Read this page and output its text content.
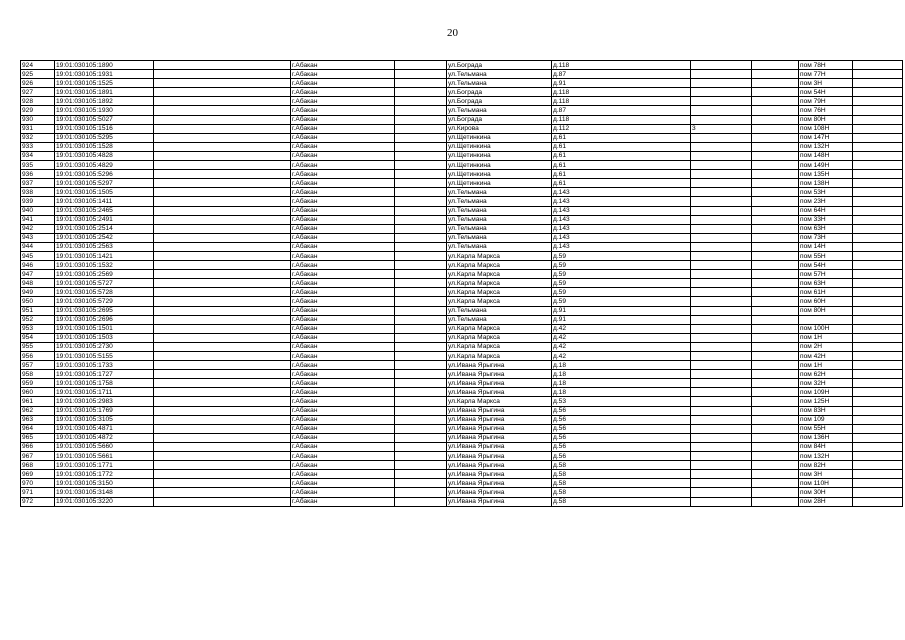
20
924	19:01:030105:1890		г.Абакан		ул.Бограда	д.118			пом 78Н	
925	19:01:030105:1931		г.Абакан		ул.Тельмана	д.87			пом 77Н	
926	19:01:030105:1525		г.Абакан		ул.Тельмана	д.91			пом 3Н	
927	19:01:030105:1891		г.Абакан		ул.Бограда	д.118			пом 54Н	
928	19:01:030105:1892		г.Абакан		ул.Бограда	д.118			пом 79Н	
929	19:01:030105:1930		г.Абакан		ул.Тельмана	д.87			пом 76Н	
930	19:01:030105:5027		г.Абакан		ул.Бограда	д.118			пом 80Н	
931	19:01:030105:1516		г.Абакан		ул.Кирова	д.112	3		пом 108Н	
932	19:01:030105:5295		г.Абакан		ул.Щетинкина	д.61			пом 147Н	
933	19:01:030105:1528		г.Абакан		ул.Щетинкина	д.61			пом 132Н	
934	19:01:030105:4828		г.Абакан		ул.Щетинкина	д.61			пом 148Н	
935	19:01:030105:4829		г.Абакан		ул.Щетинкина	д.61			пом 149Н	
936	19:01:030105:5296		г.Абакан		ул.Щетинкина	д.61			пом 135Н	
937	19:01:030105:5297		г.Абакан		ул.Щетинкина	д.61			пом 138Н	
938	19:01:030105:1505		г.Абакан		ул.Тельмана	д.143			пом 53Н	
939	19:01:030105:1411		г.Абакан		ул.Тельмана	д.143			пом 23Н	
940	19:01:030105:2465		г.Абакан		ул.Тельмана	д.143			пом 64Н	
941	19:01:030105:2491		г.Абакан		ул.Тельмана	д.143			пом 33Н	
942	19:01:030105:2514		г.Абакан		ул.Тельмана	д.143			пом 63Н	
943	19:01:030105:2542		г.Абакан		ул.Тельмана	д.143			пом 73Н	
944	19:01:030105:2563		г.Абакан		ул.Тельмана	д.143			пом 14Н	
945	19:01:030105:1421		г.Абакан		ул.Карла Маркса	д.59			пом 55Н	
946	19:01:030105:1532		г.Абакан		ул.Карла Маркса	д.59			пом 54Н	
947	19:01:030105:2569		г.Абакан		ул.Карла Маркса	д.59			пом 57Н	
948	19:01:030105:5727		г.Абакан		ул.Карла Маркса	д.59			пом 63Н	
949	19:01:030105:5728		г.Абакан		ул.Карла Маркса	д.59			пом 61Н	
950	19:01:030105:5729		г.Абакан		ул.Карла Маркса	д.59			пом 60Н	
951	19:01:030105:2695		г.Абакан		ул.Тельмана	д.91			пом 80Н	
952	19:01:030105:2696		г.Абакан		ул.Тельмана	д.91				
953	19:01:030105:1501		г.Абакан		ул.Карла Маркса	д.42			пом 100Н	
954	19:01:030105:1503		г.Абакан		ул.Карла Маркса	д.42			пом 1Н	
955	19:01:030105:2730		г.Абакан		ул.Карла Маркса	д.42			пом 2Н	
956	19:01:030105:5155		г.Абакан		ул.Карла Маркса	д.42			пом 42Н	
957	19:01:030105:1733		г.Абакан		ул.Ивана Ярыгина	д.18			пом 1Н	
958	19:01:030105:1727		г.Абакан		ул.Ивана Ярыгина	д.18			пом 62Н	
959	19:01:030105:1758		г.Абакан		ул.Ивана Ярыгина	д.18			пом 32Н	
960	19:01:030105:1711		г.Абакан		ул.Ивана Ярыгина	д.18			пом 109Н	
961	19:01:030105:2983		г.Абакан		ул.Карла Маркса	д.53			пом 125Н	
962	19:01:030105:1769		г.Абакан		ул.Ивана Ярыгина	д.56			пом 83Н	
963	19:01:030105:3105		г.Абакан		ул.Ивана Ярыгина	д.56			пом 109	
964	19:01:030105:4871		г.Абакан		ул.Ивана Ярыгина	д.56			пом 55Н	
965	19:01:030105:4872		г.Абакан		ул.Ивана Ярыгина	д.56			пом 136Н	
966	19:01:030105:5660		г.Абакан		ул.Ивана Ярыгина	д.56			пом 84Н	
967	19:01:030105:5661		г.Абакан		ул.Ивана Ярыгина	д.56			пом 132Н	
968	19:01:030105:1771		г.Абакан		ул.Ивана Ярыгина	д.58			пом 82Н	
969	19:01:030105:1772		г.Абакан		ул.Ивана Ярыгина	д.58			пом 3Н	
970	19:01:030105:3150		г.Абакан		ул.Ивана Ярыгина	д.58			пом 110Н	
971	19:01:030105:3148		г.Абакан		ул.Ивана Ярыгина	д.58			пом 30Н	
972	19:01:030105:3220		г.Абакан		ул.Ивана Ярыгина	д.58			пом 28Н	
